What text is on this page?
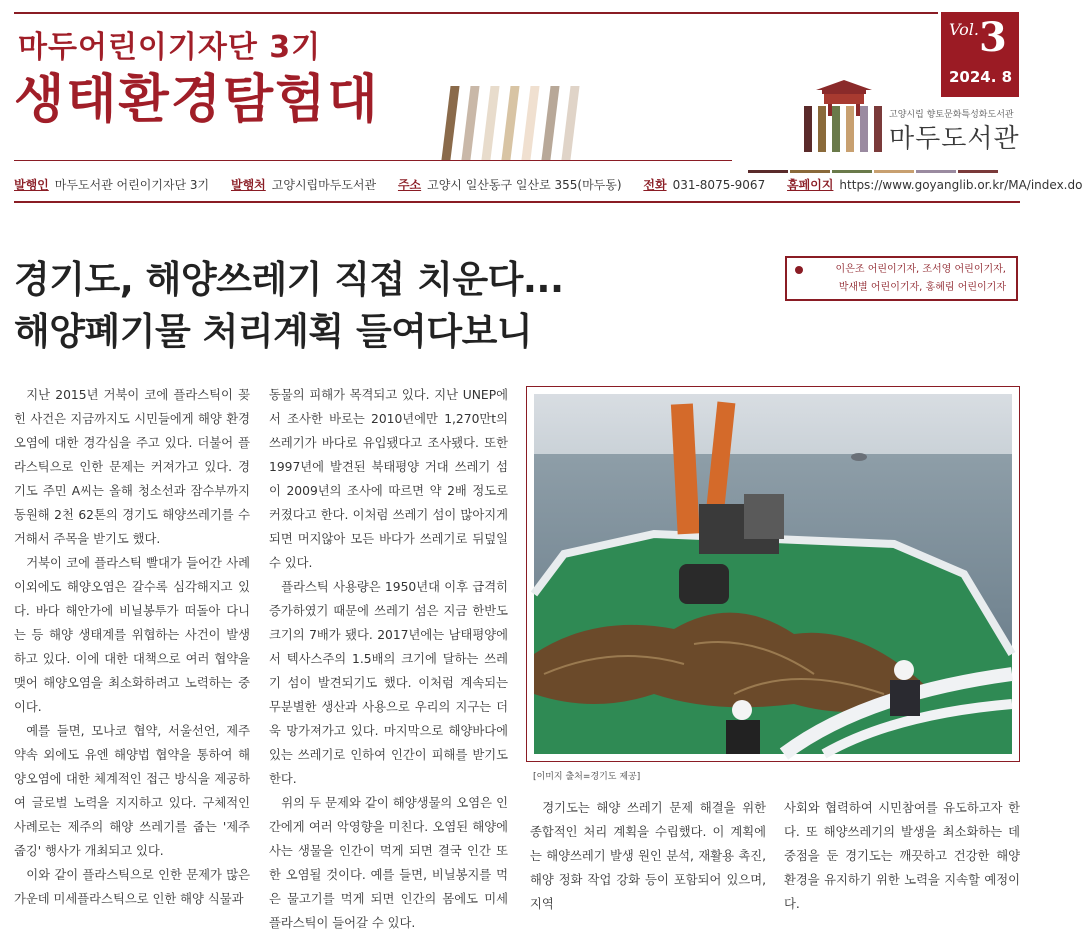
마두어린이기자단 3기
생태환경탐험대
Vol. 3
2024. 8
고양시립 향토문화특성화도서관
마두도서관
발행인 마두도서관 어린이기자단 3기 발행처 고양시립마두도서관 주소 고양시 일산동구 일산로 355(마두동) 전화 031-8075-9067 홈페이지 https://www.goyanglib.or.kr/MA/index.do
경기도, 해양쓰레기 직접 치운다...
해양폐기물 처리계획 들여다보니
이은조 어린이기자, 조서영 어린이기자,
박새별 어린이기자, 홍혜림 어린이기자

지난 2015년 거북이 코에 플라스틱이 꽂힌 사건은 지금까지도 시민들에게 해양 환경오염에 대한 경각심을 주고 있다. 더불어 플라스틱으로 인한 문제는 커져가고 있다. 경기도 주민 A씨는 올해 청소선과 잠수부까지 동원해 2천 62톤의 경기도 해양쓰레기를 수거해서 주목을 받기도 했다.

거북이 코에 플라스틱 빨대가 들어간 사례 이외에도 해양오염은 갈수록 심각해지고 있다. 바다 해안가에 비닐봉투가 떠돌아 다니는 등 해양 생태계를 위협하는 사건이 발생하고 있다. 이에 대한 대책으로 여러 협약을 맺어 해양오염을 최소화하려고 노력하는 중이다.

예를 들면, 모나코 협약, 서울선언, 제주 약속 외에도 유엔 해양법 협약을 통하여 해양오염에 대한 체계적인 접근 방식을 제공하여 글로벌 노력을 지지하고 있다. 구체적인 사례로는 제주의 해양 쓰레기를 줍는 '제주줍깅' 행사가 개최되고 있다.

이와 같이 플라스틱으로 인한 문제가 많은 가운데 미세플라스틱으로 인한 해양 식물과

동물의 피해가 목격되고 있다. 지난 UNEP에서 조사한 바로는 2010년에만 1,270만t의 쓰레기가 바다로 유입됐다고 조사됐다. 또한 1997년에 발견된 북태평양 거대 쓰레기 섬이 2009년의 조사에 따르면 약 2배 정도로 커졌다고 한다. 이처럼 쓰레기 섬이 많아지게 되면 머지않아 모든 바다가 쓰레기로 뒤덮일 수 있다.

플라스틱 사용량은 1950년대 이후 급격히 증가하였기 때문에 쓰레기 섬은 지금 한반도 크기의 7배가 됐다. 2017년에는 남태평양에서 텍사스주의 1.5배의 크기에 달하는 쓰레기 섬이 발견되기도 했다. 이처럼 계속되는 무분별한 생산과 사용으로 우리의 지구는 더욱 망가져가고 있다. 마지막으로 해양바다에 있는 쓰레기로 인하여 인간이 피해를 받기도 한다.

위의 두 문제와 같이 해양생물의 오염은 인간에게 여러 악영향을 미친다. 오염된 해양에 사는 생물을 인간이 먹게 되면 결국 인간 또한 오염될 것이다. 예를 들면, 비닐봉지를 먹은 물고기를 먹게 되면 인간의 몸에도 미세 플라스틱이 들어갈 수 있다.

[이미지 출처=경기도 제공]

경기도는 해양 쓰레기 문제 해결을 위한 종합적인 처리 계획을 수립했다. 이 계획에는 해양쓰레기 발생 원인 분석, 재활용 촉진, 해양 정화 작업 강화 등이 포함되어 있으며, 지역

사회와 협력하여 시민참여를 유도하고자 한다. 또 해양쓰레기의 발생을 최소화하는 데 중점을 둔 경기도는 깨끗하고 건강한 해양 환경을 유지하기 위한 노력을 지속할 예정이다.
